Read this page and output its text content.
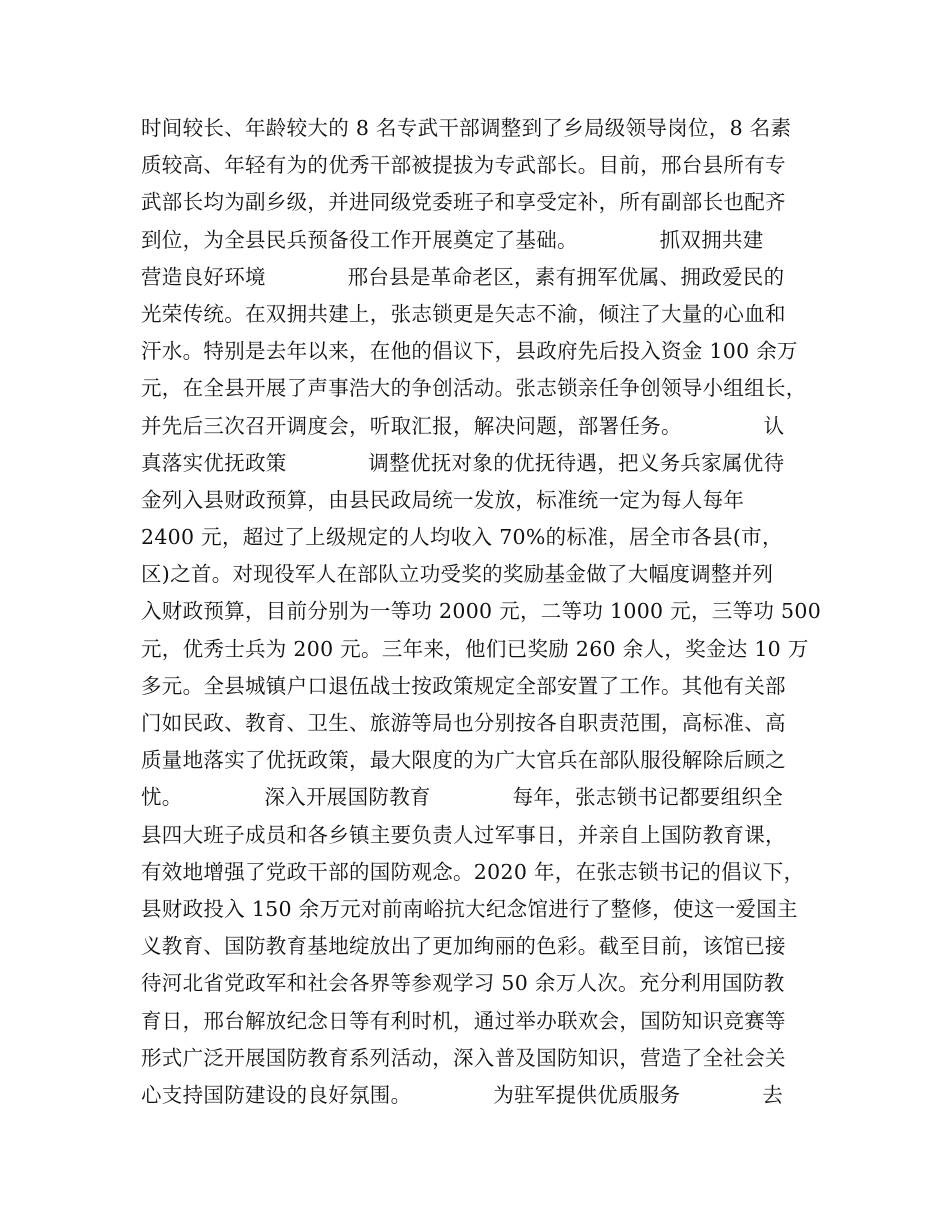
时间较长、年龄较大的 8 名专武干部调整到了乡局级领导岗位，8 名素
质较高、年轻有为的优秀干部被提拔为专武部长。目前，邢台县所有专
武部长均为副乡级，并进同级党委班子和享受定补，所有副部长也配齐
到位，为全县民兵预备役工作开展奠定了基础。            抓双拥共建
营造良好环境            邢台县是革命老区，素有拥军优属、拥政爱民的
光荣传统。在双拥共建上，张志锁更是矢志不渝，倾注了大量的心血和
汗水。特别是去年以来，在他的倡议下，县政府先后投入资金 100 余万
元，在全县开展了声事浩大的争创活动。张志锁亲任争创领导小组组长，
并先后三次召开调度会，听取汇报，解决问题，部署任务。            认
真落实优抚政策            调整优抚对象的优抚待遇，把义务兵家属优待
金列入县财政预算，由县民政局统一发放，标准统一定为每人每年
2400 元，超过了上级规定的人均收入 70%的标准，居全市各县(市，
区)之首。对现役军人在部队立功受奖的奖励基金做了大幅度调整并列
入财政预算，目前分别为一等功 2000 元，二等功 1000 元，三等功 500
元，优秀士兵为 200 元。三年来，他们已奖励 260 余人，奖金达 10 万
多元。全县城镇户口退伍战士按政策规定全部安置了工作。其他有关部
门如民政、教育、卫生、旅游等局也分别按各自职责范围，高标准、高
质量地落实了优抚政策，最大限度的为广大官兵在部队服役解除后顾之
忧。            深入开展国防教育            每年，张志锁书记都要组织全
县四大班子成员和各乡镇主要负责人过军事日，并亲自上国防教育课，
有效地增强了党政干部的国防观念。2020 年，在张志锁书记的倡议下，
县财政投入 150 余万元对前南峪抗大纪念馆进行了整修，使这一爱国主
义教育、国防教育基地绽放出了更加绚丽的色彩。截至目前，该馆已接
待河北省党政军和社会各界等参观学习 50 余万人次。充分利用国防教
育日，邢台解放纪念日等有利时机，通过举办联欢会，国防知识竞赛等
形式广泛开展国防教育系列活动，深入普及国防知识，营造了全社会关
心支持国防建设的良好氛围。            为驻军提供优质服务            去
